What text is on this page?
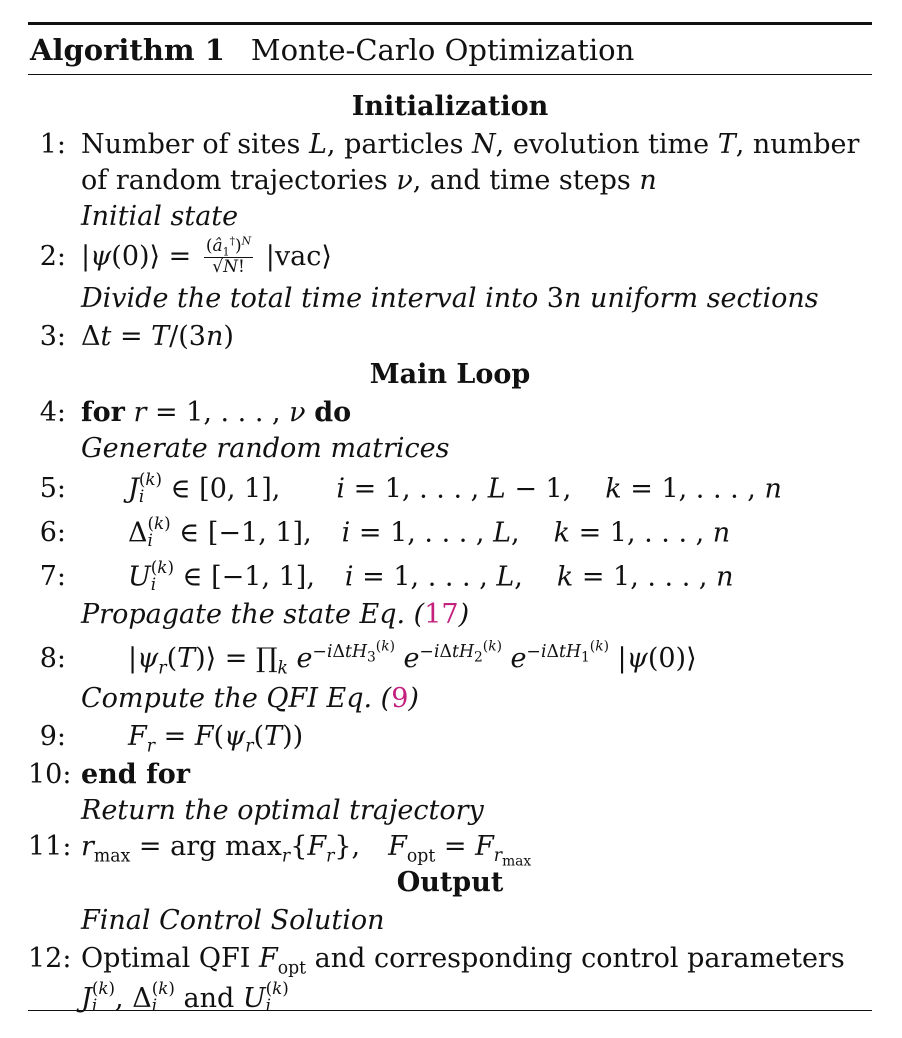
Algorithm 1 Monte-Carlo Optimization
Initialization
1: Number of sites L, particles N, evolution time T, number
of random trajectories ν, and time steps n
Initial state
2: |ψ(0)⟩ = $\frac{(â_1^\dagger)^N}{√N!}$ |vac⟩
Divide the total time interval into 3n uniform sections
3: Δt = T/(3n)
Main Loop
4: for r = 1, . . . , ν do
Generate random matrices
5: J (k)
i ∈ [0, 1], i = 1, . . . , L − 1, k = 1, . . . , n
6: Δ (k)
i ∈ [−1, 1], i = 1, . . . , L, k = 1, . . . , n
7: U (k)
i ∈ [−1, 1], i = 1, . . . , L, k = 1, . . . , n
Propagate the state Eq. (17)
8: $|\psi_r(T)⟩$ = $\prod_k$ $e^{-i\Delta tH_3^{(k)}}$ $e^{-i\Delta tH_2^{(k)}}$ $e^{-i\Delta tH_1^{(k)}}$ |ψ(0)⟩
Compute the QFI Eq. (9)
9: $F_r = F(\psi_r(T))$
10: end for
Return the optimal trajectory
11: $r_{max}$ = arg $\max_r\{F_r\}$, $F_{opt} = F_{r_{max}}$
Output
Final Control Solution
12: Optimal QFI $F_{opt}$ and corresponding control parameters
J (k)
i , Δ (k)
i and U (k)
i
